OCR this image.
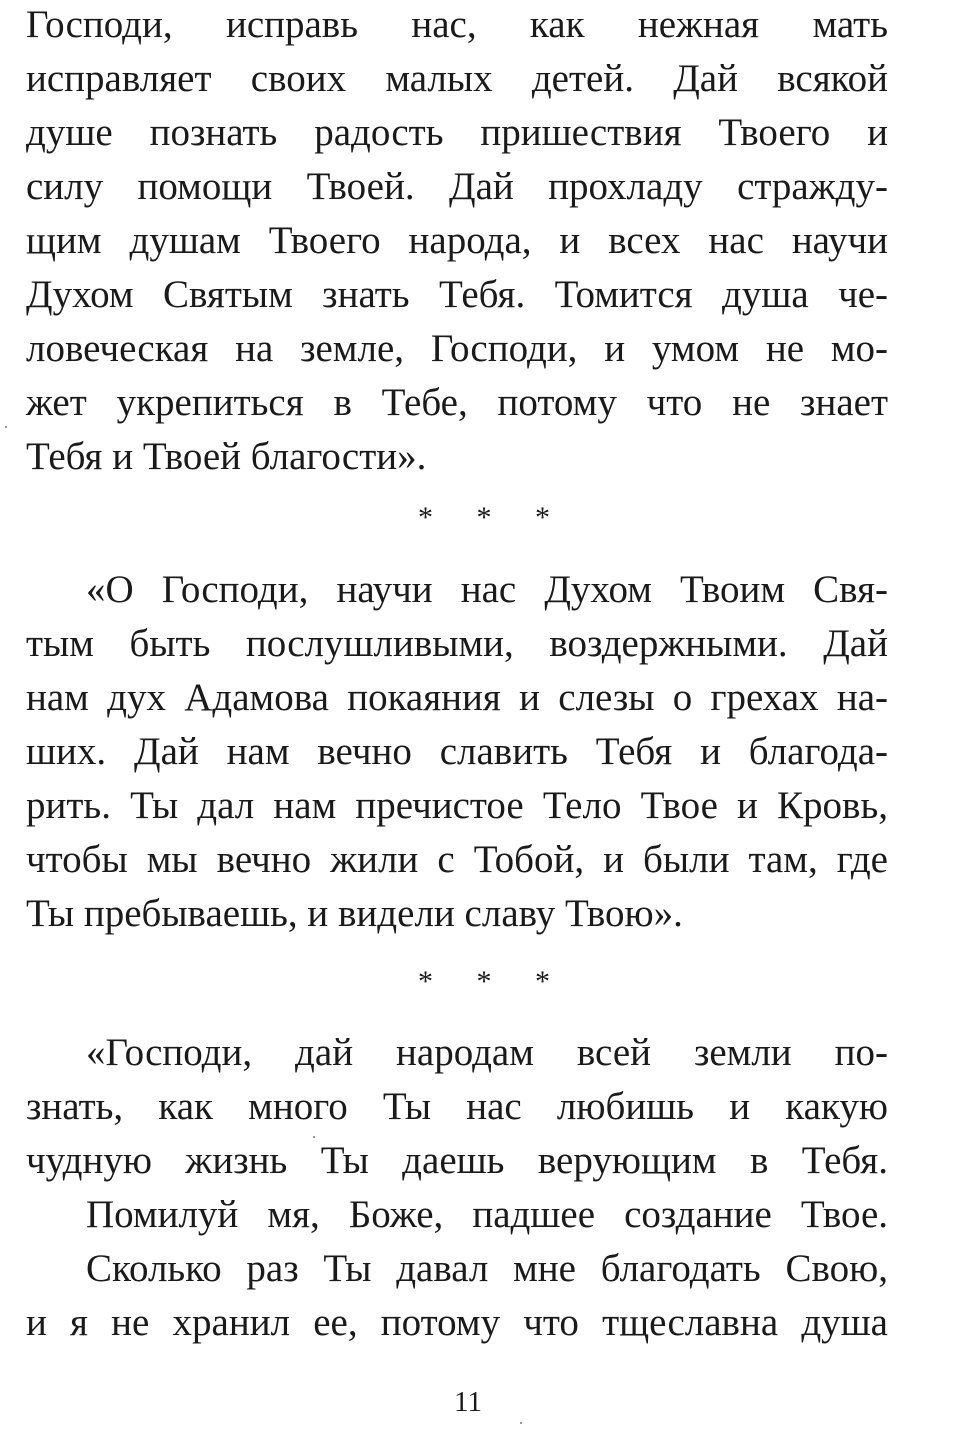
Господи, исправь нас, как нежная мать
исправляет своих малых детей. Дай всякой
душе познать радость пришествия Твоего и
силу помощи Твоей. Дай прохладу стражду-
щим душам Твоего народа, и всех нас научи
Духом Святым знать Тебя. Томится душа че-
ловеческая на земле, Господи, и умом не мо-
жет укрепиться в Тебе, потому что не знает
Тебя и Твоей благости».
* * *
«О Господи, научи нас Духом Твоим Свя-
тым быть послушливыми, воздержными. Дай
нам дух Адамова покаяния и слезы о грехах на-
ших. Дай нам вечно славить Тебя и благода-
рить. Ты дал нам пречистое Тело Твое и Кровь,
чтобы мы вечно жили с Тобой, и были там, где
Ты пребываешь, и видели славу Твою».
* * *
«Господи, дай народам всей земли по-
знать, как много Ты нас любишь и какую
чудную жизнь Ты даешь верующим в Тебя.
Помилуй мя, Боже, падшее создание Твое.
Сколько раз Ты давал мне благодать Свою,
и я не хранил ее, потому что тщеславна душа
11
